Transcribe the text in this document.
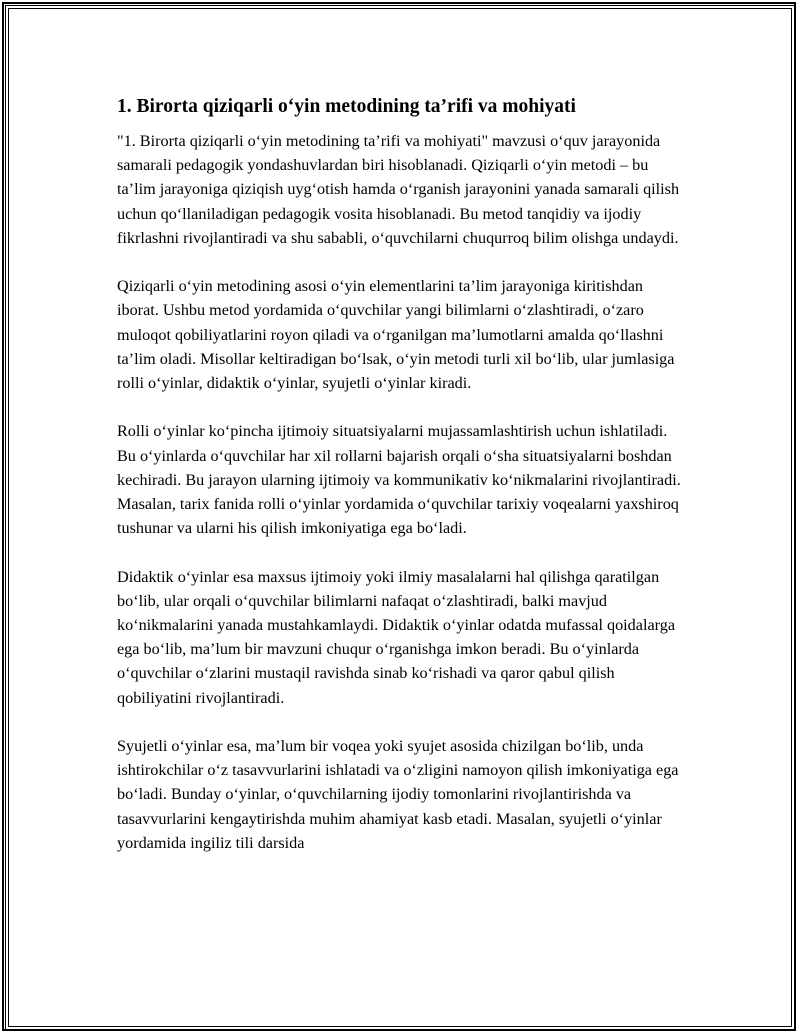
1. Birorta qiziqarli o‘yin metodining ta’rifi va mohiyati

"1. Birorta qiziqarli o‘yin metodining ta’rifi va mohiyati" mavzusi o‘quv jarayonida samarali pedagogik yondashuvlardan biri hisoblanadi. Qiziqarli o‘yin metodi – bu ta’lim jarayoniga qiziqish uyg‘otish hamda o‘rganish jarayonini yanada samarali qilish uchun qo‘llaniladigan pedagogik vosita hisoblanadi. Bu metod tanqidiy va ijodiy fikrlashni rivojlantiradi va shu sababli, o‘quvchilarni chuqurroq bilim olishga undaydi.

Qiziqarli o‘yin metodining asosi o‘yin elementlarini ta’lim jarayoniga kiritishdan iborat. Ushbu metod yordamida o‘quvchilar yangi bilimlarni o‘zlashtiradi, o‘zaro muloqot qobiliyatlarini royon qiladi va o‘rganilgan ma’lumotlarni amalda qo‘llashni ta’lim oladi. Misollar keltiradigan bo‘lsak, o‘yin metodi turli xil bo‘lib, ular jumlasiga rolli o‘yinlar, didaktik o‘yinlar, syujetli o‘yinlar kiradi.

Rolli o‘yinlar ko‘pincha ijtimoiy situatsiyalarni mujassamlashtirish uchun ishlatiladi. Bu o‘yinlarda o‘quvchilar har xil rollarni bajarish orqali o‘sha situatsiyalarni boshdan kechiradi. Bu jarayon ularning ijtimoiy va kommunikativ ko‘nikmalarini rivojlantiradi. Masalan, tarix fanida rolli o‘yinlar yordamida o‘quvchilar tarixiy voqealarni yaxshiroq tushunar va ularni his qilish imkoniyatiga ega bo‘ladi.

Didaktik o‘yinlar esa maxsus ijtimoiy yoki ilmiy masalalarni hal qilishga qaratilgan bo‘lib, ular orqali o‘quvchilar bilimlarni nafaqat o‘zlashtiradi, balki mavjud ko‘nikmalarini yanada mustahkamlaydi. Didaktik o‘yinlar odatda mufassal qoidalarga ega bo‘lib, ma’lum bir mavzuni chuqur o‘rganishga imkon beradi. Bu o‘yinlarda o‘quvchilar o‘zlarini mustaqil ravishda sinab ko‘rishadi va qaror qabul qilish qobiliyatini rivojlantiradi.

Syujetli o‘yinlar esa, ma’lum bir voqea yoki syujet asosida chizilgan bo‘lib, unda ishtirokchilar o‘z tasavvurlarini ishlatadi va o‘zligini namoyon qilish imkoniyatiga ega bo‘ladi. Bunday o‘yinlar, o‘quvchilarning ijodiy tomonlarini rivojlantirishda va tasavvurlarini kengaytirishda muhim ahamiyat kasb etadi. Masalan, syujetli o‘yinlar yordamida ingiliz tili darsida
